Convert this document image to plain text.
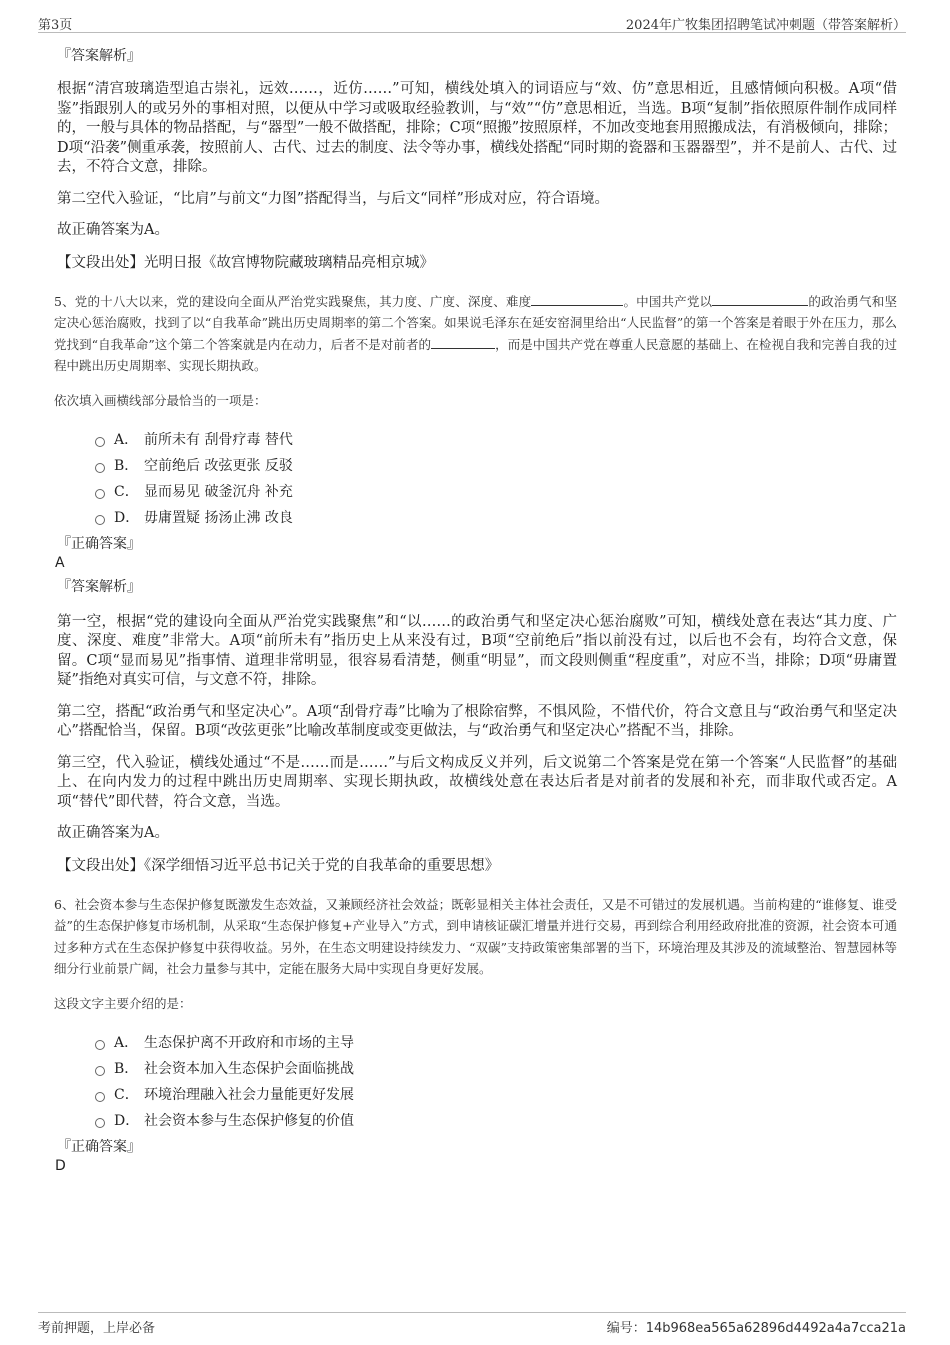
第3页	2024年广牧集团招聘笔试冲刺题（带答案解析）

『答案解析』

根据“清宫玻璃造型追古崇礼，远效……，近仿……”可知，横线处填入的词语应与“效、仿”意思相近，且感情倾向积极。A项“借鉴”指跟别人的或另外的事相对照，以便从中学习或吸取经验教训，与“效”“仿”意思相近，当选。B项“复制”指依照原件制作成同样的，一般与具体的物品搭配，与“器型”一般不做搭配，排除；C项“照搬”按照原样，不加改变地套用照搬成法，有消极倾向，排除；D项“沿袭”侧重承袭，按照前人、古代、过去的制度、法令等办事，横线处搭配“同时期的瓷器和玉器器型”，并不是前人、古代、过去，不符合文意，排除。

第二空代入验证，“比肩”与前文“力图”搭配得当，与后文“同样”形成对应，符合语境。

故正确答案为A。

【文段出处】光明日报《故宫博物院藏玻璃精品亮相京城》

5、党的十八大以来，党的建设向全面从严治党实践聚焦，其力度、广度、深度、难度	。中国共产党以	的政治勇气和坚定决心惩治腐败，找到了以“自我革命”跳出历史周期率的第二个答案。如果说毛泽东在延安窑洞里给出“人民监督”的第一个答案是着眼于外在压力，那么党找到“自我革命”这个第二个答案就是内在动力，后者不是对前者的	，而是中国共产党在尊重人民意愿的基础上、在检视自我和完善自我的过程中跳出历史周期率、实现长期执政。

依次填入画横线部分最恰当的一项是：

A． 前所未有 刮骨疗毒 替代
B． 空前绝后 改弦更张 反驳
C． 显而易见 破釜沉舟 补充
D． 毋庸置疑 扬汤止沸 改良

『正确答案』

A

『答案解析』

第一空，根据“党的建设向全面从严治党实践聚焦”和“以……的政治勇气和坚定决心惩治腐败”可知，横线处意在表达“其力度、广度、深度、难度”非常大。A项“前所未有”指历史上从来没有过，B项“空前绝后”指以前没有过，以后也不会有，均符合文意，保留。C项“显而易见”指事情、道理非常明显，很容易看清楚，侧重“明显”，而文段则侧重“程度重”，对应不当，排除；D项“毋庸置疑”指绝对真实可信，与文意不符，排除。

第二空，搭配“政治勇气和坚定决心”。A项“刮骨疗毒”比喻为了根除宿弊，不惧风险，不惜代价，符合文意且与“政治勇气和坚定决心”搭配恰当，保留。B项“改弦更张”比喻改革制度或变更做法，与“政治勇气和坚定决心”搭配不当，排除。

第三空，代入验证，横线处通过“不是……而是……”与后文构成反义并列，后文说第二个答案是党在第一个答案“人民监督”的基础上、在向内发力的过程中跳出历史周期率、实现长期执政，故横线处意在表达后者是对前者的发展和补充，而非取代或否定。A项“替代”即代替，符合文意，当选。

故正确答案为A。

【文段出处】《深学细悟习近平总书记关于党的自我革命的重要思想》

6、社会资本参与生态保护修复既激发生态效益，又兼顾经济社会效益；既彰显相关主体社会责任，又是不可错过的发展机遇。当前构建的“谁修复、谁受益”的生态保护修复市场机制，从采取“生态保护修复+产业导入”方式，到申请核证碳汇增量并进行交易，再到综合利用经政府批准的资源，社会资本可通过多种方式在生态保护修复中获得收益。另外，在生态文明建设持续发力、“双碳”支持政策密集部署的当下，环境治理及其涉及的流域整治、智慧园林等细分行业前景广阔，社会力量参与其中，定能在服务大局中实现自身更好发展。

这段文字主要介绍的是：

A． 生态保护离不开政府和市场的主导
B． 社会资本加入生态保护会面临挑战
C． 环境治理融入社会力量能更好发展
D． 社会资本参与生态保护修复的价值

『正确答案』

D

考前押题，上岸必备	编号：14b968ea565a62896d4492a4a7cca21a
